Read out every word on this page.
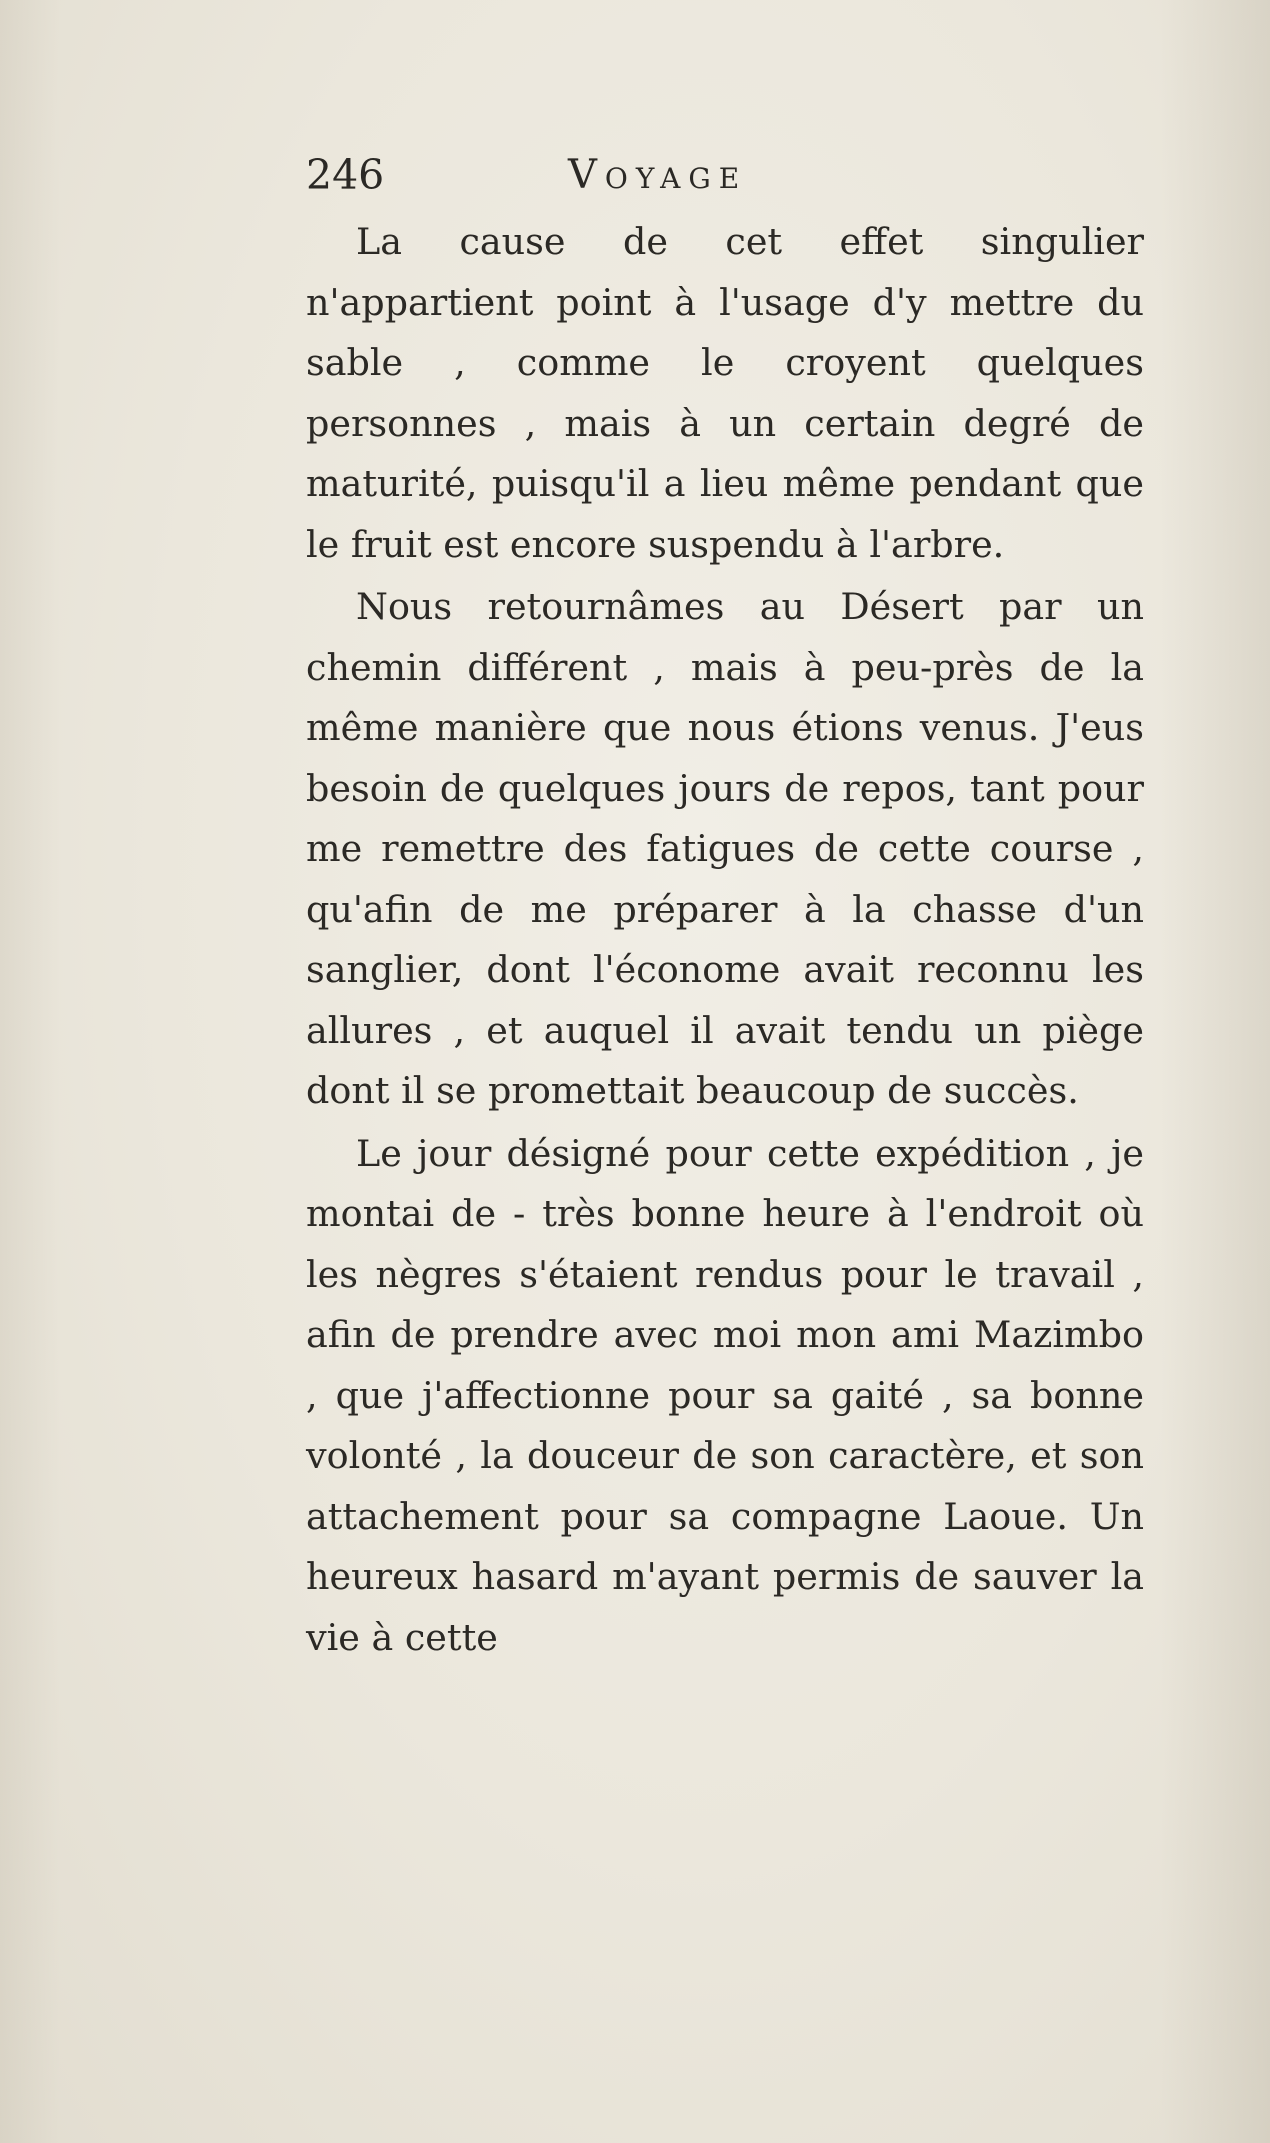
246	Voyage

La cause de cet effet singulier n'appartient point à l'usage d'y mettre du sable , comme le croyent quelques personnes , mais à un certain degré de maturité, puisqu'il a lieu même pendant que le fruit est encore suspendu à l'arbre.

Nous retournâmes au Désert par un chemin différent , mais à peu-près de la même manière que nous étions venus. J'eus besoin de quelques jours de repos, tant pour me remettre des fatigues de cette course , qu'afin de me préparer à la chasse d'un sanglier, dont l'économe avait reconnu les allures , et auquel il avait tendu un piège dont il se promettait beaucoup de succès.

Le jour désigné pour cette expédition , je montai de - très bonne heure à l'endroit où les nègres s'étaient rendus pour le travail , afin de prendre avec moi mon ami Mazimbo , que j'affectionne pour sa gaité , sa bonne volonté , la douceur de son caractère, et son attachement pour sa compagne Laoue. Un heureux hasard m'ayant permis de sauver la vie à cette
